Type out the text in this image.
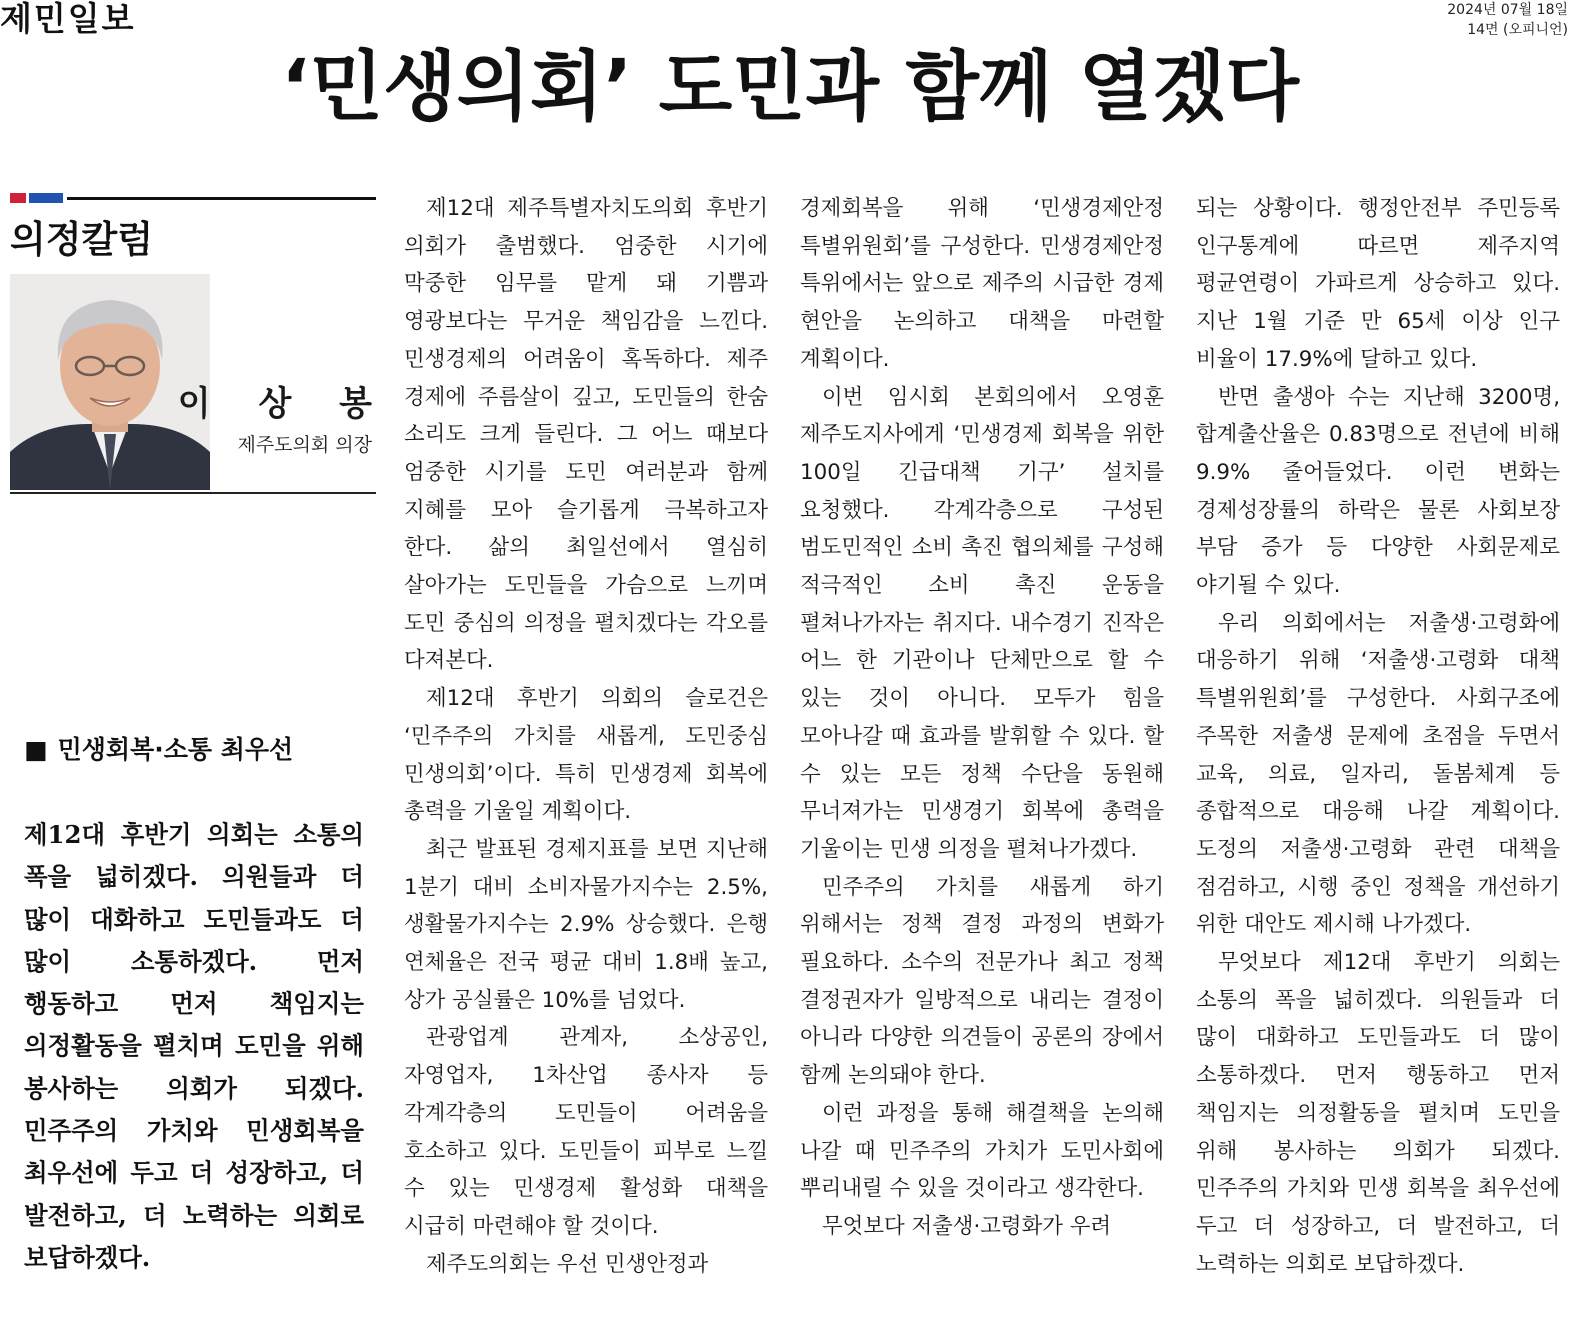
제민일보	2024년 07월 18일
14면 (오피니언)
‘민생의회’ 도민과 함께 열겠다
의정칼럼
이 상 봉
제주도의회 의장
■ 민생회복·소통 최우선
제12대 후반기 의회는 소통의 폭을 넓히겠다. 의원들과 더 많이 대화하고 도민들과도 더 많이 소통하겠다. 먼저 행동하고 먼저 책임지는 의정활동을 펼치며 도민을 위해 봉사하는 의회가 되겠다. 민주주의 가치와 민생회복을 최우선에 두고 더 성장하고, 더 발전하고, 더 노력하는 의회로 보답하겠다.

제12대 제주특별자치도의회 후반기 의회가 출범했다. 엄중한 시기에 막중한 임무를 맡게 돼 기쁨과 영광보다는 무거운 책임감을 느낀다. 민생경제의 어려움이 혹독하다. 제주 경제에 주름살이 깊고, 도민들의 한숨 소리도 크게 들린다. 그 어느 때보다 엄중한 시기를 도민 여러분과 함께 지혜를 모아 슬기롭게 극복하고자 한다. 삶의 최일선에서 열심히 살아가는 도민들을 가슴으로 느끼며 도민 중심의 의정을 펼치겠다는 각오를 다져본다.

제12대 후반기 의회의 슬로건은 ‘민주주의 가치를 새롭게, 도민중심 민생의회’이다. 특히 민생경제 회복에 총력을 기울일 계획이다.

최근 발표된 경제지표를 보면 지난해 1분기 대비 소비자물가지수는 2.5%, 생활물가지수는 2.9% 상승했다. 은행 연체율은 전국 평균 대비 1.8배 높고, 상가 공실률은 10%를 넘었다.

관광업계 관계자, 소상공인, 자영업자, 1차산업 종사자 등 각계각층의 도민들이 어려움을 호소하고 있다. 도민들이 피부로 느낄 수 있는 민생경제 활성화 대책을 시급히 마련해야 할 것이다.

제주도의회는 우선 민생안정과

경제회복을 위해 ‘민생경제안정 특별위원회’를 구성한다. 민생경제안정 특위에서는 앞으로 제주의 시급한 경제 현안을 논의하고 대책을 마련할 계획이다.

이번 임시회 본회의에서 오영훈 제주도지사에게 ‘민생경제 회복을 위한 100일 긴급대책 기구’ 설치를 요청했다. 각계각층으로 구성된 범도민적인 소비 촉진 협의체를 구성해 적극적인 소비 촉진 운동을 펼쳐나가자는 취지다. 내수경기 진작은 어느 한 기관이나 단체만으로 할 수 있는 것이 아니다. 모두가 힘을 모아나갈 때 효과를 발휘할 수 있다. 할 수 있는 모든 정책 수단을 동원해 무너져가는 민생경기 회복에 총력을 기울이는 민생 의정을 펼쳐나가겠다.

민주주의 가치를 새롭게 하기 위해서는 정책 결정 과정의 변화가 필요하다. 소수의 전문가나 최고 정책 결정권자가 일방적으로 내리는 결정이 아니라 다양한 의견들이 공론의 장에서 함께 논의돼야 한다.

이런 과정을 통해 해결책을 논의해 나갈 때 민주주의 가치가 도민사회에 뿌리내릴 수 있을 것이라고 생각한다.

무엇보다 저출생·고령화가 우려

되는 상황이다. 행정안전부 주민등록 인구통계에 따르면 제주지역 평균연령이 가파르게 상승하고 있다. 지난 1월 기준 만 65세 이상 인구 비율이 17.9%에 달하고 있다.

반면 출생아 수는 지난해 3200명, 합계출산율은 0.83명으로 전년에 비해 9.9% 줄어들었다. 이런 변화는 경제성장률의 하락은 물론 사회보장 부담 증가 등 다양한 사회문제로 야기될 수 있다.

우리 의회에서는 저출생·고령화에 대응하기 위해 ‘저출생·고령화 대책 특별위원회’를 구성한다. 사회구조에 주목한 저출생 문제에 초점을 두면서 교육, 의료, 일자리, 돌봄체계 등 종합적으로 대응해 나갈 계획이다. 도정의 저출생·고령화 관련 대책을 점검하고, 시행 중인 정책을 개선하기 위한 대안도 제시해 나가겠다.

무엇보다 제12대 후반기 의회는 소통의 폭을 넓히겠다. 의원들과 더 많이 대화하고 도민들과도 더 많이 소통하겠다. 먼저 행동하고 먼저 책임지는 의정활동을 펼치며 도민을 위해 봉사하는 의회가 되겠다. 민주주의 가치와 민생 회복을 최우선에 두고 더 성장하고, 더 발전하고, 더 노력하는 의회로 보답하겠다.
